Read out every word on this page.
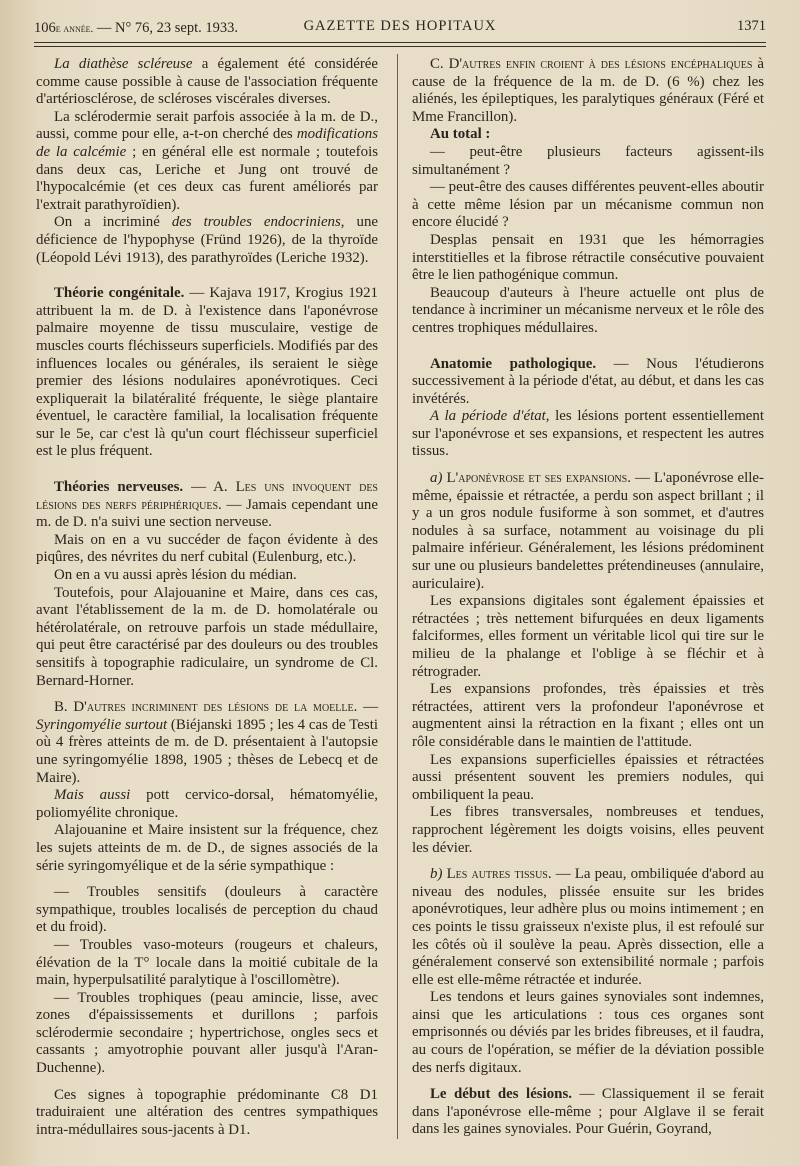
106e année. — N° 76, 23 sept. 1933.	GAZETTE DES HOPITAUX	1371

La diathèse scléreuse a également été considérée comme cause possible à cause de l'association fréquente d'artériosclérose, de scléroses viscérales diverses.

La sclérodermie serait parfois associée à la m. de D., aussi, comme pour elle, a-t-on cherché des modifications de la calcémie ; en général elle est normale ; toutefois dans deux cas, Leriche et Jung ont trouvé de l'hypocalcémie (et ces deux cas furent améliorés par l'extrait parathyroïdien).

On a incriminé des troubles endocriniens, une déficience de l'hypophyse (Fründ 1926), de la thyroïde (Léopold Lévi 1913), des parathyroïdes (Leriche 1932).

Théorie congénitale. — Kajava 1917, Krogius 1921 attribuent la m. de D. à l'existence dans l'aponévrose palmaire moyenne de tissu musculaire, vestige de muscles courts fléchisseurs superficiels. Modifiés par des influences locales ou générales, ils seraient le siège premier des lésions nodulaires aponévrotiques. Ceci expliquerait la bilatéralité fréquente, le siège plantaire éventuel, le caractère familial, la localisation fréquente sur le 5e, car c'est là qu'un court fléchisseur superficiel est le plus fréquent.

Théories nerveuses. — A. Les uns invoquent des lésions des nerfs périphériques. — Jamais cependant une m. de D. n'a suivi une section nerveuse.

Mais on en a vu succéder de façon évidente à des piqûres, des névrites du nerf cubital (Eulenburg, etc.).

On en a vu aussi après lésion du médian.

Toutefois, pour Alajouanine et Maire, dans ces cas, avant l'établissement de la m. de D. homolatérale ou hétérolatérale, on retrouve parfois un stade médullaire, qui peut être caractérisé par des douleurs ou des troubles sensitifs à topographie radiculaire, un syndrome de Cl. Bernard-Horner.

B. D'autres incriminent des lésions de la moelle. — Syringomyélie surtout (Biéjanski 1895 ; les 4 cas de Testi où 4 frères atteints de m. de D. présentaient à l'autopsie une syringomyélie 1898, 1905 ; thèses de Lebecq et de Maire).

Mais aussi pott cervico-dorsal, hématomyélie, poliomyélite chronique.

Alajouanine et Maire insistent sur la fréquence, chez les sujets atteints de m. de D., de signes associés de la série syringomyélique et de la série sympathique :

— Troubles sensitifs (douleurs à caractère sympathique, troubles localisés de perception du chaud et du froid).

— Troubles vaso-moteurs (rougeurs et chaleurs, élévation de la T° locale dans la moitié cubitale de la main, hyperpulsatilité paralytique à l'oscillomètre).

— Troubles trophiques (peau amincie, lisse, avec zones d'épaississements et durillons ; parfois sclérodermie secondaire ; hypertrichose, ongles secs et cassants ; amyotrophie pouvant aller jusqu'à l'Aran-Duchenne).

Ces signes à topographie prédominante C8 D1 traduiraient une altération des centres sympathiques intra-médullaires sous-jacents à D1.

C. D'autres enfin croient à des lésions encéphaliques à cause de la fréquence de la m. de D. (6 %) chez les aliénés, les épileptiques, les paralytiques généraux (Féré et Mme Francillon).

Au total :

— peut-être plusieurs facteurs agissent-ils simultanément ?

— peut-être des causes différentes peuvent-elles aboutir à cette même lésion par un mécanisme commun non encore élucidé ?

Desplas pensait en 1931 que les hémorragies interstitielles et la fibrose rétractile consécutive pouvaient être le lien pathogénique commun.

Beaucoup d'auteurs à l'heure actuelle ont plus de tendance à incriminer un mécanisme nerveux et le rôle des centres trophiques médullaires.

Anatomie pathologique. — Nous l'étudierons successivement à la période d'état, au début, et dans les cas invétérés.

A la période d'état, les lésions portent essentiellement sur l'aponévrose et ses expansions, et respectent les autres tissus.

a) L'aponévrose et ses expansions. — L'aponévrose elle-même, épaissie et rétractée, a perdu son aspect brillant ; il y a un gros nodule fusiforme à son sommet, et d'autres nodules à sa surface, notamment au voisinage du pli palmaire inférieur. Généralement, les lésions prédominent sur une ou plusieurs bandelettes prétendineuses (annulaire, auriculaire).

Les expansions digitales sont également épaissies et rétractées ; très nettement bifurquées en deux ligaments falciformes, elles forment un véritable licol qui tire sur le milieu de la phalange et l'oblige à se fléchir et à rétrograder.

Les expansions profondes, très épaissies et très rétractées, attirent vers la profondeur l'aponévrose et augmentent ainsi la rétraction en la fixant ; elles ont un rôle considérable dans le maintien de l'attitude.

Les expansions superficielles épaissies et rétractées aussi présentent souvent les premiers nodules, qui ombiliquent la peau.

Les fibres transversales, nombreuses et tendues, rapprochent légèrement les doigts voisins, elles peuvent les dévier.

b) Les autres tissus. — La peau, ombiliquée d'abord au niveau des nodules, plissée ensuite sur les brides aponévrotiques, leur adhère plus ou moins intimement ; en ces points le tissu graisseux n'existe plus, il est refoulé sur les côtés où il soulève la peau. Après dissection, elle a généralement conservé son extensibilité normale ; parfois elle est elle-même rétractée et indurée.

Les tendons et leurs gaines synoviales sont indemnes, ainsi que les articulations : tous ces organes sont emprisonnés ou déviés par les brides fibreuses, et il faudra, au cours de l'opération, se méfier de la déviation possible des nerfs digitaux.

Le début des lésions. — Classiquement il se ferait dans l'aponévrose elle-même ; pour Alglave il se ferait dans les gaines synoviales. Pour Guérin, Goyrand,
